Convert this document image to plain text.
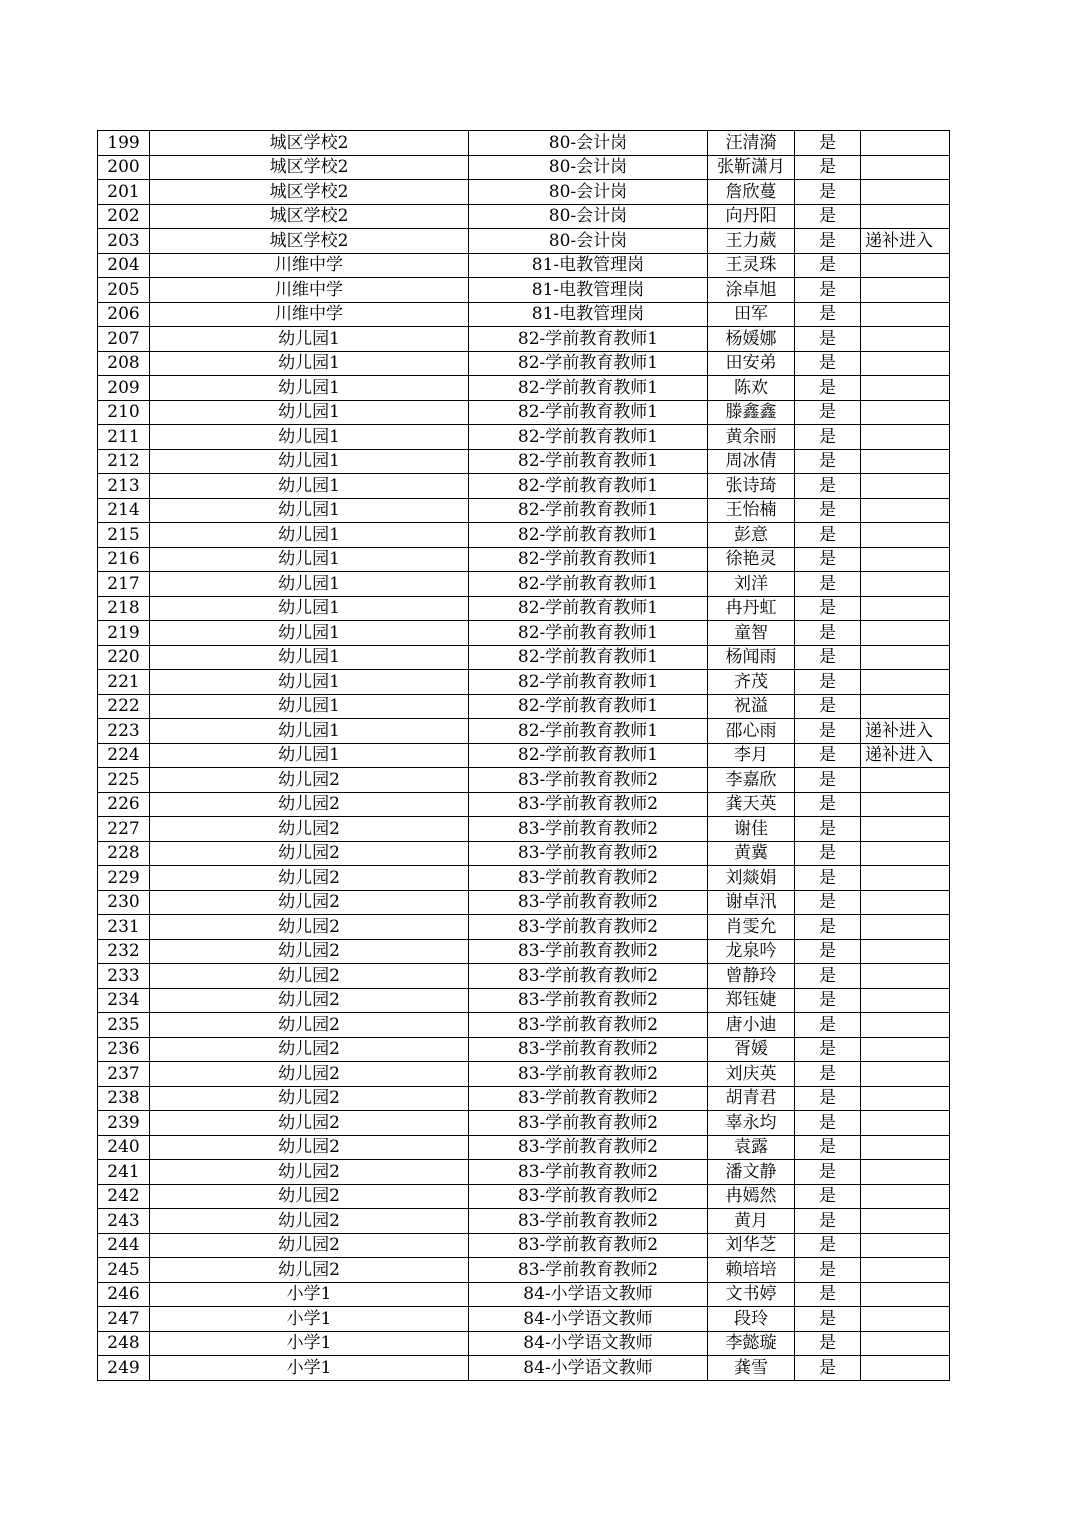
199	城区学校2	80-会计岗	汪清漪	是	
200	城区学校2	80-会计岗	张靳潇月	是	
201	城区学校2	80-会计岗	詹欣蔓	是	
202	城区学校2	80-会计岗	向丹阳	是	
203	城区学校2	80-会计岗	王力葳	是	递补进入
204	川维中学	81-电教管理岗	王灵珠	是	
205	川维中学	81-电教管理岗	涂卓旭	是	
206	川维中学	81-电教管理岗	田军	是	
207	幼儿园1	82-学前教育教师1	杨媛娜	是	
208	幼儿园1	82-学前教育教师1	田安弟	是	
209	幼儿园1	82-学前教育教师1	陈欢	是	
210	幼儿园1	82-学前教育教师1	滕鑫鑫	是	
211	幼儿园1	82-学前教育教师1	黄余丽	是	
212	幼儿园1	82-学前教育教师1	周冰倩	是	
213	幼儿园1	82-学前教育教师1	张诗琦	是	
214	幼儿园1	82-学前教育教师1	王怡楠	是	
215	幼儿园1	82-学前教育教师1	彭意	是	
216	幼儿园1	82-学前教育教师1	徐艳灵	是	
217	幼儿园1	82-学前教育教师1	刘洋	是	
218	幼儿园1	82-学前教育教师1	冉丹虹	是	
219	幼儿园1	82-学前教育教师1	童智	是	
220	幼儿园1	82-学前教育教师1	杨闻雨	是	
221	幼儿园1	82-学前教育教师1	齐茂	是	
222	幼儿园1	82-学前教育教师1	祝溢	是	
223	幼儿园1	82-学前教育教师1	邵心雨	是	递补进入
224	幼儿园1	82-学前教育教师1	李月	是	递补进入
225	幼儿园2	83-学前教育教师2	李嘉欣	是	
226	幼儿园2	83-学前教育教师2	龚天英	是	
227	幼儿园2	83-学前教育教师2	谢佳	是	
228	幼儿园2	83-学前教育教师2	黄冀	是	
229	幼儿园2	83-学前教育教师2	刘燚娟	是	
230	幼儿园2	83-学前教育教师2	谢卓汛	是	
231	幼儿园2	83-学前教育教师2	肖雯允	是	
232	幼儿园2	83-学前教育教师2	龙泉吟	是	
233	幼儿园2	83-学前教育教师2	曾静玲	是	
234	幼儿园2	83-学前教育教师2	郑钰婕	是	
235	幼儿园2	83-学前教育教师2	唐小迪	是	
236	幼儿园2	83-学前教育教师2	胥媛	是	
237	幼儿园2	83-学前教育教师2	刘庆英	是	
238	幼儿园2	83-学前教育教师2	胡青君	是	
239	幼儿园2	83-学前教育教师2	辜永均	是	
240	幼儿园2	83-学前教育教师2	袁露	是	
241	幼儿园2	83-学前教育教师2	潘文静	是	
242	幼儿园2	83-学前教育教师2	冉嫣然	是	
243	幼儿园2	83-学前教育教师2	黄月	是	
244	幼儿园2	83-学前教育教师2	刘华芝	是	
245	幼儿园2	83-学前教育教师2	赖培培	是	
246	小学1	84-小学语文教师	文书婷	是	
247	小学1	84-小学语文教师	段玲	是	
248	小学1	84-小学语文教师	李懿璇	是	
249	小学1	84-小学语文教师	龚雪	是	
